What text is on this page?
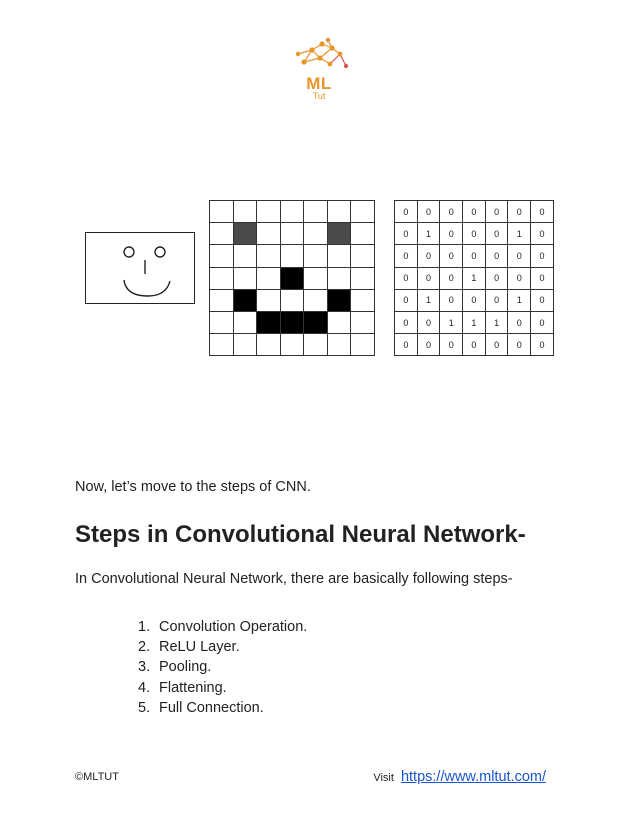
ML
Tut
0	0	0	0	0	0	0
0	1	0	0	0	1	0
0	0	0	0	0	0	0
0	0	0	1	0	0	0
0	1	0	0	0	1	0
0	0	1	1	1	0	0
0	0	0	0	0	0	0
Now, let’s move to the steps of CNN.
Steps in Convolutional Neural Network-
In Convolutional Neural Network, there are basically following steps-
1. Convolution Operation.
2. ReLU Layer.
3. Pooling.
4. Flattening.
5. Full Connection.
©MLTUT	Visit https://www.mltut.com/
